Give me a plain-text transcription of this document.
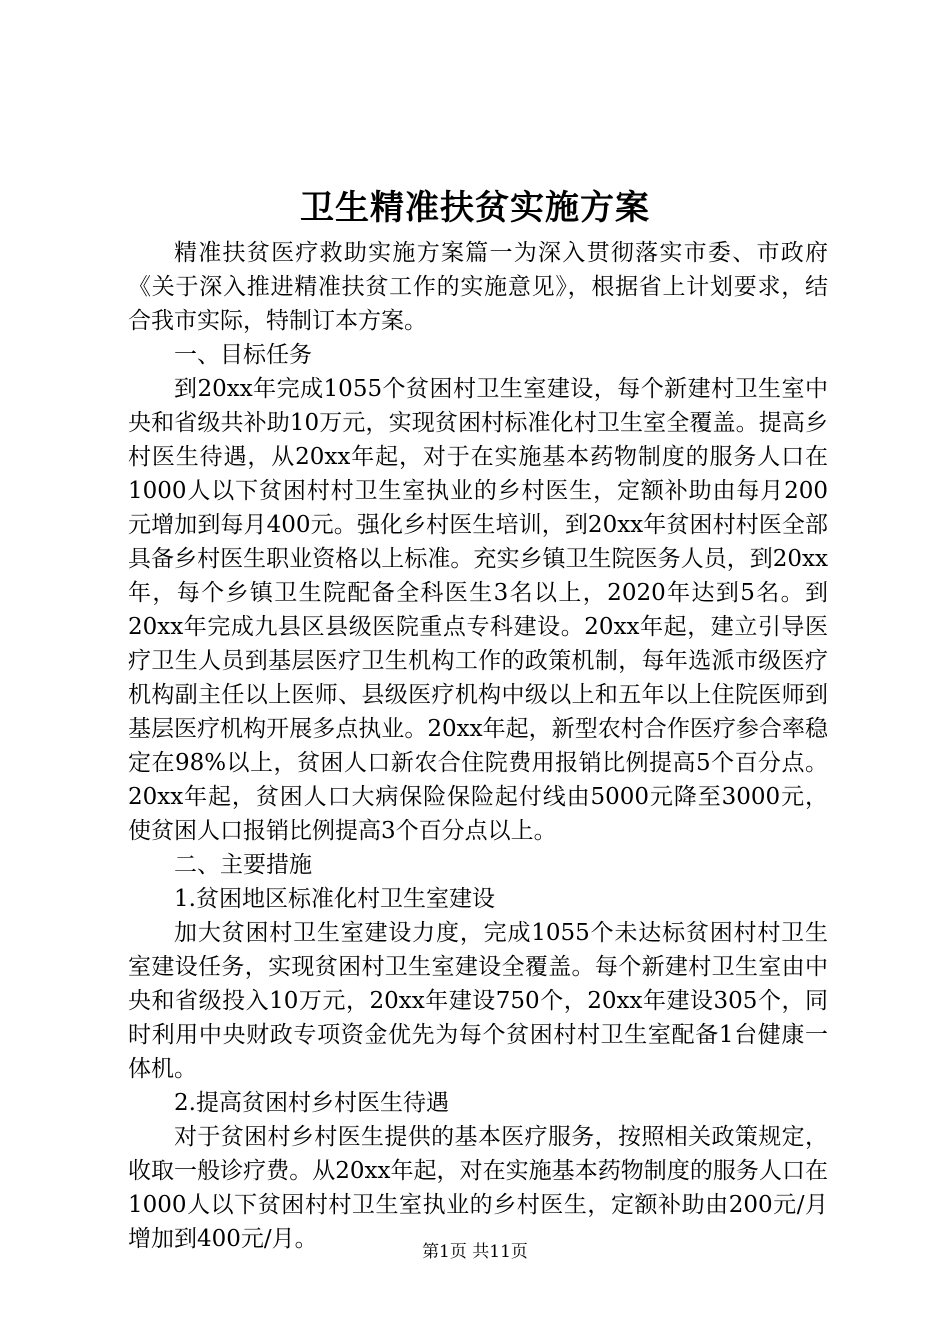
卫生精准扶贫实施方案

精准扶贫医疗救助实施方案篇一为深入贯彻落实市委、市政府《关于深入推进精准扶贫工作的实施意见》，根据省上计划要求，结合我市实际，特制订本方案。

一、目标任务

到20xx年完成1055个贫困村卫生室建设，每个新建村卫生室中央和省级共补助10万元，实现贫困村标准化村卫生室全覆盖。提高乡村医生待遇，从20xx年起，对于在实施基本药物制度的服务人口在1000人以下贫困村村卫生室执业的乡村医生，定额补助由每月200元增加到每月400元。强化乡村医生培训，到20xx年贫困村村医全部具备乡村医生职业资格以上标准。充实乡镇卫生院医务人员，到20xx年，每个乡镇卫生院配备全科医生3名以上，2020年达到5名。到20xx年完成九县区县级医院重点专科建设。20xx年起，建立引导医疗卫生人员到基层医疗卫生机构工作的政策机制，每年选派市级医疗机构副主任以上医师、县级医疗机构中级以上和五年以上住院医师到基层医疗机构开展多点执业。20xx年起，新型农村合作医疗参合率稳定在98%以上，贫困人口新农合住院费用报销比例提高5个百分点。20xx年起，贫困人口大病保险保险起付线由5000元降至3000元，使贫困人口报销比例提高3个百分点以上。

二、主要措施

1.贫困地区标准化村卫生室建设

加大贫困村卫生室建设力度，完成1055个未达标贫困村村卫生室建设任务，实现贫困村卫生室建设全覆盖。每个新建村卫生室由中央和省级投入10万元，20xx年建设750个，20xx年建设305个，同时利用中央财政专项资金优先为每个贫困村村卫生室配备1台健康一体机。

2.提高贫困村乡村医生待遇

对于贫困村乡村医生提供的基本医疗服务，按照相关政策规定，收取一般诊疗费。从20xx年起，对在实施基本药物制度的服务人口在1000人以下贫困村村卫生室执业的乡村医生，定额补助由200元/月增加到400元/月。	第1页 共11页
